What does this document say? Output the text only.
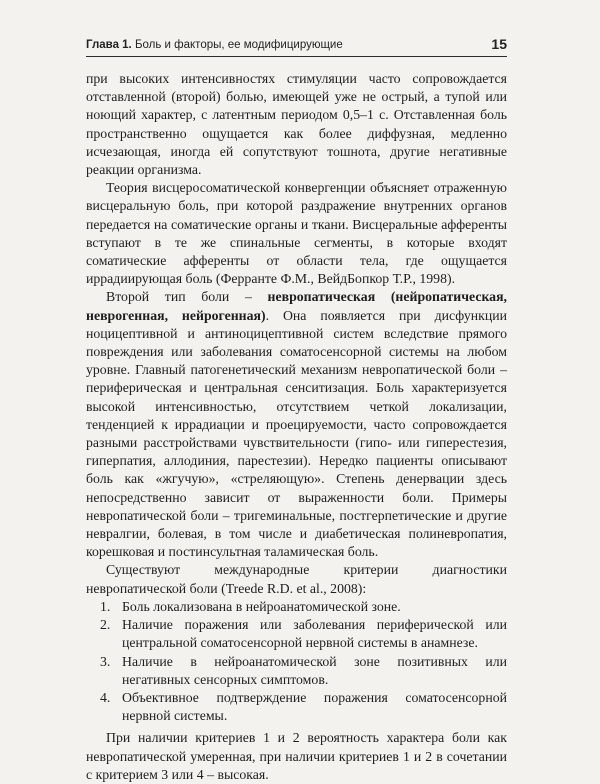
Глава 1. Боль и факторы, ее модифицирующие	15

при высоких интенсивностях стимуляции часто сопровождается отставленной (второй) болью, имеющей уже не острый, а тупой или ноющий характер, с латентным периодом 0,5–1 с. Отставленная боль пространственно ощущается как более диффузная, медленно исчезающая, иногда ей сопутствуют тошнота, другие негативные реакции организма.

Теория висцеросоматической конвергенции объясняет отраженную висцеральную боль, при которой раздражение внутренних органов передается на соматические органы и ткани. Висцеральные афференты вступают в те же спинальные сегменты, в которые входят соматические афференты от области тела, где ощущается иррадиирующая боль (Ферранте Ф.М., ВейдБопкор Т.Р., 1998).

Второй тип боли – невропатическая (нейропатическая, неврогенная, нейрогенная). Она появляется при дисфункции ноцицептивной и антиноцицептивной систем вследствие прямого повреждения или заболевания соматосенсорной системы на любом уровне. Главный патогенетический механизм невропатической боли – периферическая и центральная сенситизация. Боль характеризуется высокой интенсивностью, отсутствием четкой локализации, тенденцией к иррадиации и проецируемости, часто сопровождается разными расстройствами чувствительности (гипо- или гиперестезия, гиперпатия, аллодиния, парестезии). Нередко пациенты описывают боль как «жгучую», «стреляющую». Степень денервации здесь непосредственно зависит от выраженности боли. Примеры невропатической боли – тригеминальные, постгерпетические и другие невралгии, болевая, в том числе и диабетическая полиневропатия, корешковая и постинсультная таламическая боль.

Существуют международные критерии диагностики невропатической боли (Treede R.D. et al., 2008):

1. Боль локализована в нейроанатомической зоне.
2. Наличие поражения или заболевания периферической или центральной соматосенсорной нервной системы в анамнезе.
3. Наличие в нейроанатомической зоне позитивных или негативных сенсорных симптомов.
4. Объективное подтверждение поражения соматосенсорной нервной системы.

При наличии критериев 1 и 2 вероятность характера боли как невропатической умеренная, при наличии критериев 1 и 2 в сочетании с критерием 3 или 4 – высокая.
